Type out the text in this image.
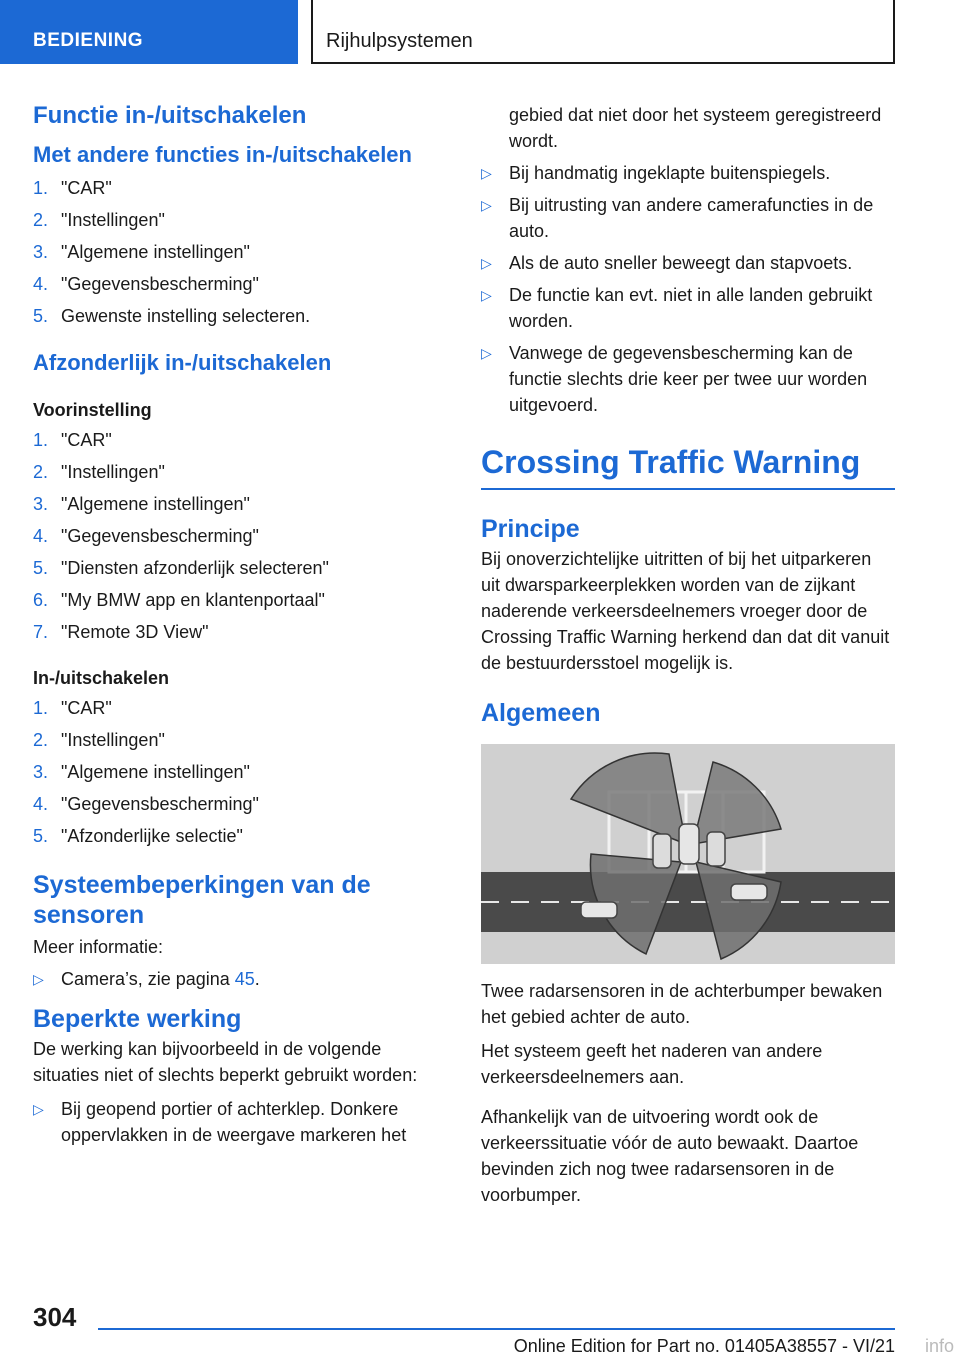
BEDIENING	Rijhulpsystemen
Functie in-/uitschakelen
Met andere functies in-/uitschakelen
1. "CAR"
2. "Instellingen"
3. "Algemene instellingen"
4. "Gegevensbescherming"
5. Gewenste instelling selecteren.
Afzonderlijk in-/uitschakelen
Voorinstelling
1. "CAR"
2. "Instellingen"
3. "Algemene instellingen"
4. "Gegevensbescherming"
5. "Diensten afzonderlijk selecteren"
6. "My BMW app en klantenportaal"
7. "Remote 3D View"
In-/uitschakelen
1. "CAR"
2. "Instellingen"
3. "Algemene instellingen"
4. "Gegevensbescherming"
5. "Afzonderlijke selectie"
Systeembeperkingen van de sensoren
Meer informatie:
▷ Camera’s, zie pagina 45.
Beperkte werking
De werking kan bijvoorbeeld in de volgende situaties niet of slechts beperkt gebruikt worden:
▷ Bij geopend portier of achterklep. Donkere oppervlakken in de weergave markeren het
gebied dat niet door het systeem geregistreerd wordt.
▷ Bij handmatig ingeklapte buitenspiegels.
▷ Bij uitrusting van andere camerafuncties in de auto.
▷ Als de auto sneller beweegt dan stapvoets.
▷ De functie kan evt. niet in alle landen gebruikt worden.
▷ Vanwege de gegevensbescherming kan de functie slechts drie keer per twee uur worden uitgevoerd.
Crossing Traffic Warning
Principe
Bij onoverzichtelijke uitritten of bij het uitparkeren uit dwarsparkeerplekken worden van de zijkant naderende verkeersdeelnemers vroeger door de Crossing Traffic Warning herkend dan dat dit vanuit de bestuurdersstoel mogelijk is.
Algemeen
Twee radarsensoren in de achterbumper bewaken het gebied achter de auto.
Het systeem geeft het naderen van andere verkeersdeelnemers aan.
Afhankelijk van de uitvoering wordt ook de verkeerssituatie vóór de auto bewaakt. Daartoe bevinden zich nog twee radarsensoren in de voorbumper.
304
Online Edition for Part no. 01405A38557 - VI/21 info
